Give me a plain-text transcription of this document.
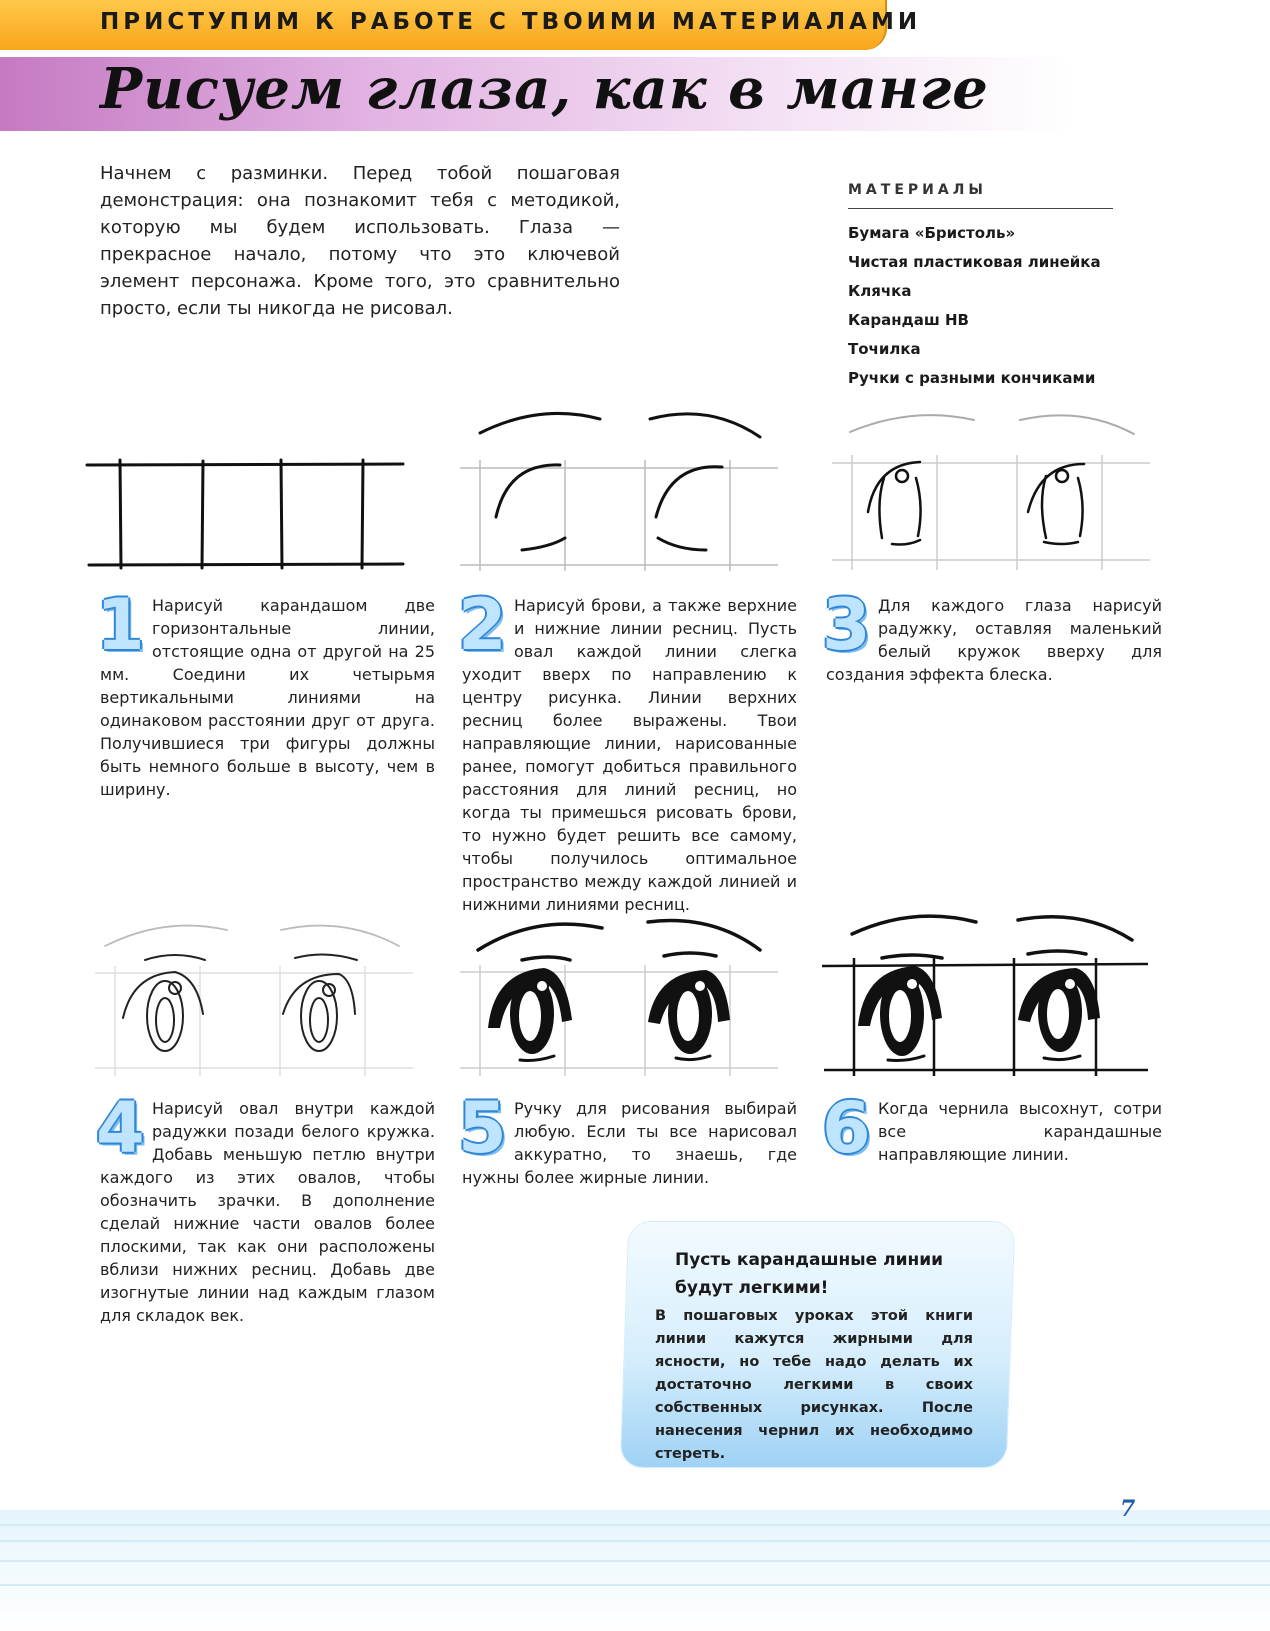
ПРИСТУПИМ К РАБОТЕ С ТВОИМИ МАТЕРИАЛАМИ
Рисуем глаза, как в манге

Начнем с разминки. Перед тобой пошаговая демонстрация: она познакомит тебя с методикой, которую мы будем использовать. Глаза — прекрасное начало, потому что это ключевой элемент персонажа. Кроме того, это сравнительно просто, если ты никогда не рисовал.

МАТЕРИАЛЫ
Бумага «Бристоль»
Чистая пластиковая линейка
Клячка
Карандаш НВ
Точилка
Ручки с разными кончиками
1 Нарисуй карандашом две горизонтальные линии, отстоящие одна от другой на 25 мм. Соедини их четырьмя вертикальными линиями на одинаковом расстоянии друг от друга. Получившиеся три фигуры должны быть немного больше в высоту, чем в ширину.

2 Нарисуй брови, а также верхние и нижние линии ресниц. Пусть овал каждой линии слегка уходит вверх по направлению к центру рисунка. Линии верхних ресниц более выражены. Твои направляющие линии, нарисованные ранее, помогут добиться правильного расстояния для линий ресниц, но когда ты примешься рисовать брови, то нужно будет решить все самому, чтобы получилось оптимальное пространство между каждой линией и нижними линиями ресниц.

3 Для каждого глаза нарисуй радужку, оставляя маленький белый кружок вверху для создания эффекта блеска.

4 Нарисуй овал внутри каждой радужки позади белого кружка. Добавь меньшую петлю внутри каждого из этих овалов, чтобы обозначить зрачки. В дополнение сделай нижние части овалов более плоскими, так как они расположены вблизи нижних ресниц. Добавь две изогнутые линии над каждым глазом для складок век.

5 Ручку для рисования выбирай любую. Если ты все нарисовал аккуратно, то знаешь, где нужны более жирные линии.

6 Когда чернила высохнут, сотри все карандашные направляющие линии.

Пусть карандашные линии будут легкими!

В пошаговых уроках этой книги линии кажутся жирными для ясности, но тебе надо делать их достаточно легкими в своих собственных рисунках. После нанесения чернил их необходимо стереть.

7
